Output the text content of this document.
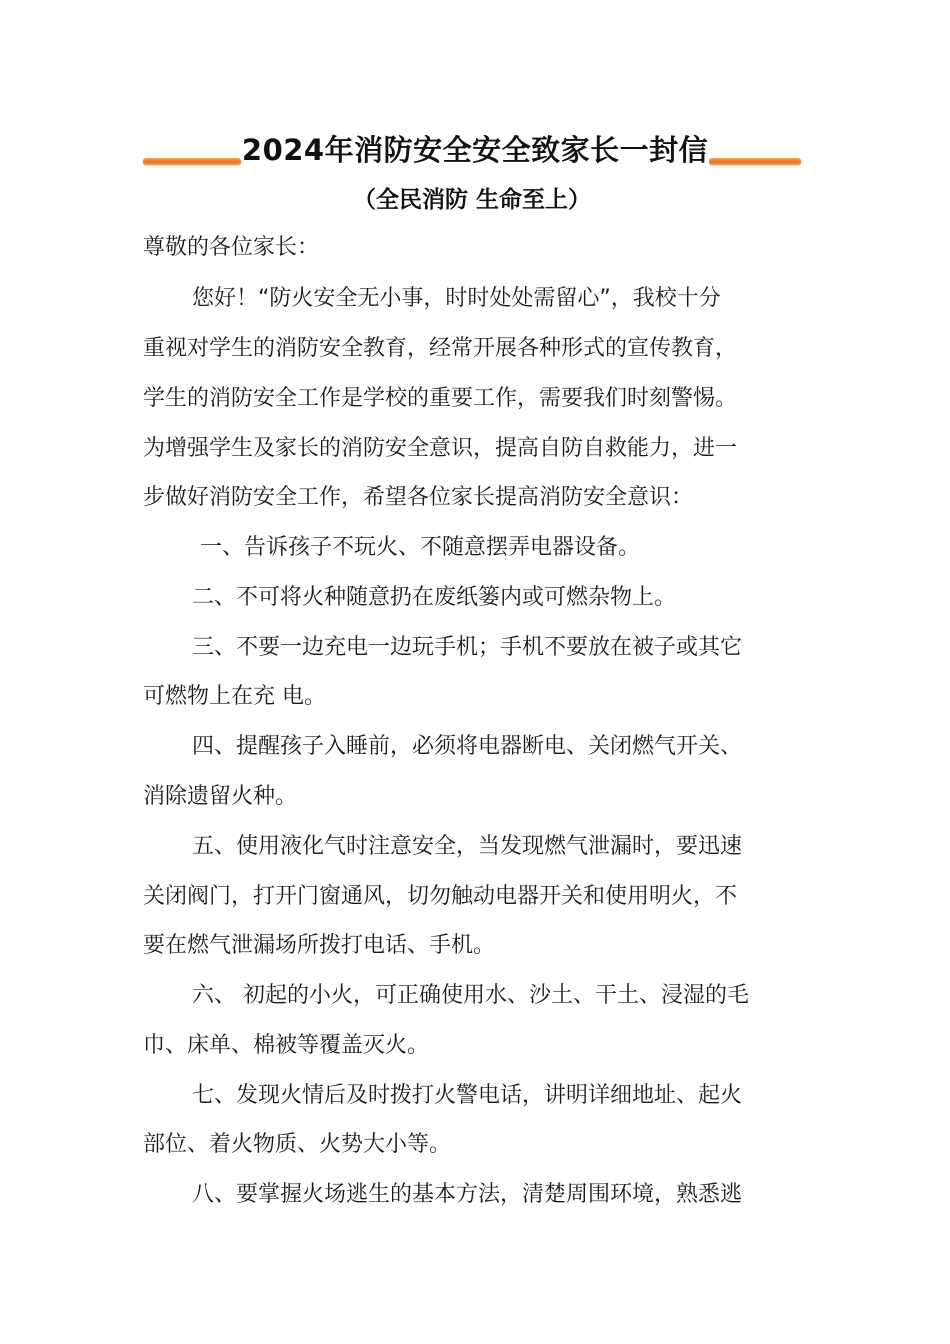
2024年消防安全安全致家长一封信
（全民消防 生命至上）
尊敬的各位家长：
您好！“防火安全无小事，时时处处需留心”，我校十分
重视对学生的消防安全教育，经常开展各种形式的宣传教育，
学生的消防安全工作是学校的重要工作，需要我们时刻警惕。
为增强学生及家长的消防安全意识，提高自防自救能力，进一
步做好消防安全工作，希望各位家长提高消防安全意识：
一、告诉孩子不玩火、不随意摆弄电器设备。
二、不可将火种随意扔在废纸篓内或可燃杂物上。
三、不要一边充电一边玩手机；手机不要放在被子或其它
可燃物上在充 电。
四、提醒孩子入睡前，必须将电器断电、关闭燃气开关、
消除遗留火种。
五、使用液化气时注意安全，当发现燃气泄漏时，要迅速
关闭阀门，打开门窗通风，切勿触动电器开关和使用明火，不
要在燃气泄漏场所拨打电话、手机。
六、 初起的小火，可正确使用水、沙土、干土、浸湿的毛
巾、床单、棉被等覆盖灭火。
七、发现火情后及时拨打火警电话，讲明详细地址、起火
部位、着火物质、火势大小等。
八、要掌握火场逃生的基本方法，清楚周围环境，熟悉逃
